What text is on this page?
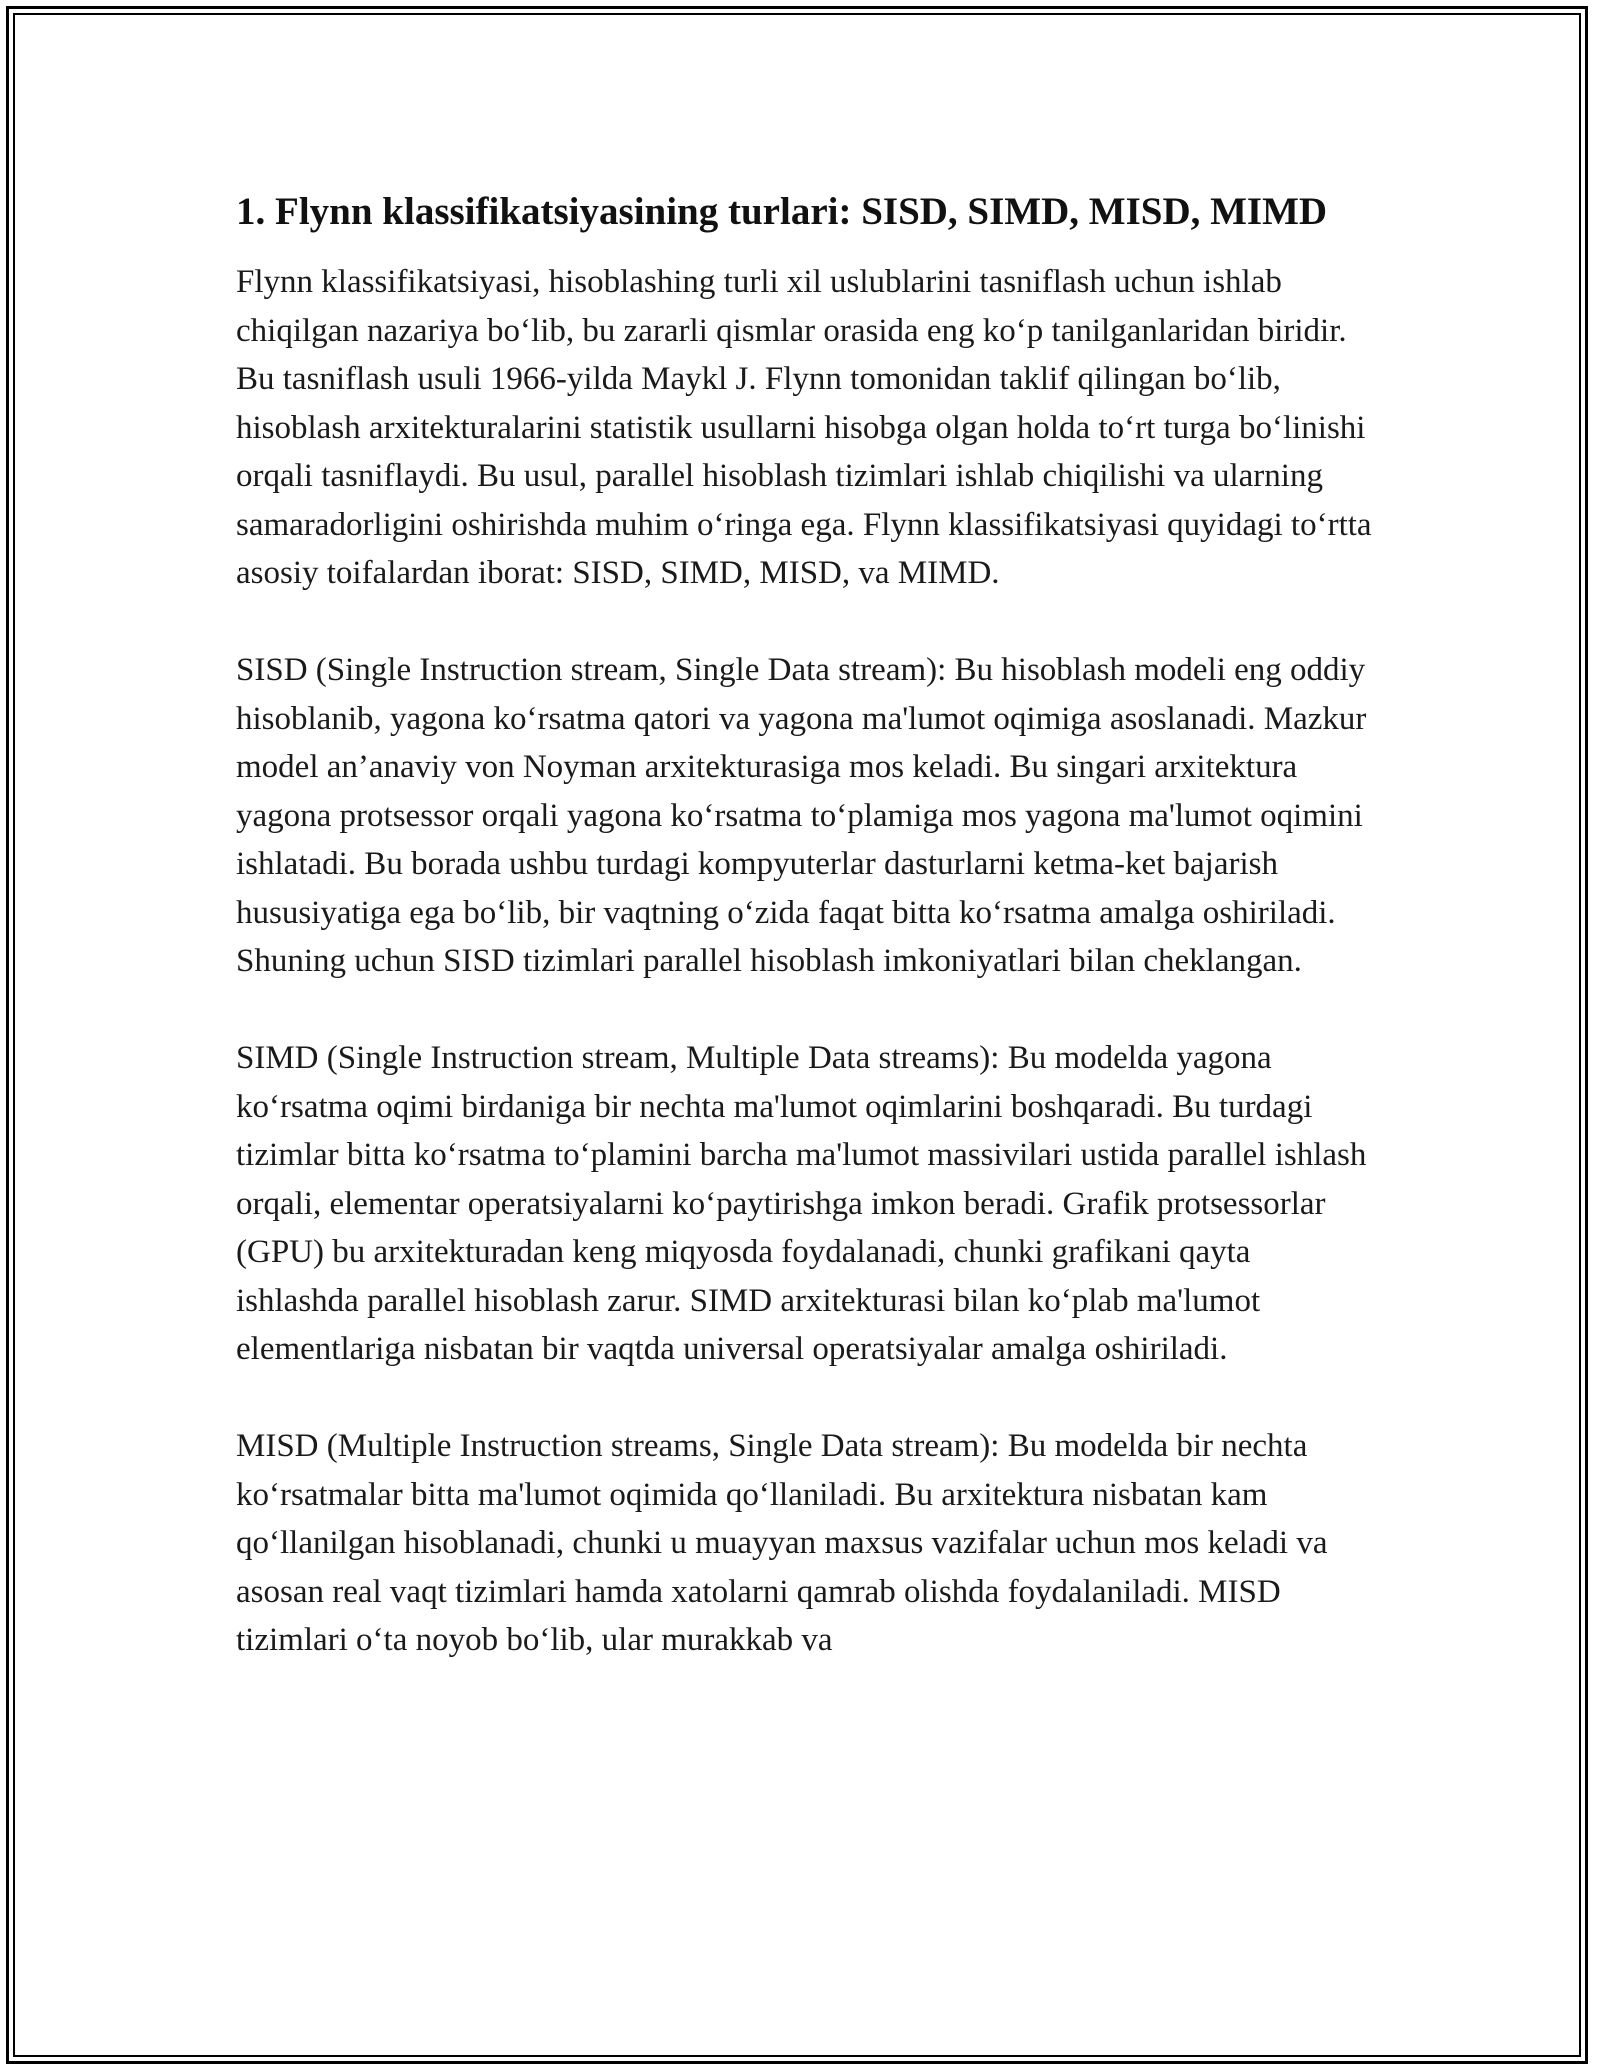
1. Flynn klassifikatsiyasining turlari: SISD, SIMD, MISD, MIMD

Flynn klassifikatsiyasi, hisoblashing turli xil uslublarini tasniflash uchun ishlab chiqilgan nazariya bo‘lib, bu zararli qismlar orasida eng ko‘p tanilganlaridan biridir. Bu tasniflash usuli 1966-yilda Maykl J. Flynn tomonidan taklif qilingan bo‘lib, hisoblash arxitekturalarini statistik usullarni hisobga olgan holda to‘rt turga bo‘linishi orqali tasniflaydi. Bu usul, parallel hisoblash tizimlari ishlab chiqilishi va ularning samaradorligini oshirishda muhim o‘ringa ega. Flynn klassifikatsiyasi quyidagi to‘rtta asosiy toifalardan iborat: SISD, SIMD, MISD, va MIMD.

SISD (Single Instruction stream, Single Data stream): Bu hisoblash modeli eng oddiy hisoblanib, yagona ko‘rsatma qatori va yagona ma'lumot oqimiga asoslanadi. Mazkur model an’anaviy von Noyman arxitekturasiga mos keladi. Bu singari arxitektura yagona protsessor orqali yagona ko‘rsatma to‘plamiga mos yagona ma'lumot oqimini ishlatadi. Bu borada ushbu turdagi kompyuterlar dasturlarni ketma-ket bajarish hususiyatiga ega bo‘lib, bir vaqtning o‘zida faqat bitta ko‘rsatma amalga oshiriladi. Shuning uchun SISD tizimlari parallel hisoblash imkoniyatlari bilan cheklangan.

SIMD (Single Instruction stream, Multiple Data streams): Bu modelda yagona ko‘rsatma oqimi birdaniga bir nechta ma'lumot oqimlarini boshqaradi. Bu turdagi tizimlar bitta ko‘rsatma to‘plamini barcha ma'lumot massivilari ustida parallel ishlash orqali, elementar operatsiyalarni ko‘paytirishga imkon beradi. Grafik protsessorlar (GPU) bu arxitekturadan keng miqyosda foydalanadi, chunki grafikani qayta ishlashda parallel hisoblash zarur. SIMD arxitekturasi bilan ko‘plab ma'lumot elementlariga nisbatan bir vaqtda universal operatsiyalar amalga oshiriladi.

MISD (Multiple Instruction streams, Single Data stream): Bu modelda bir nechta ko‘rsatmalar bitta ma'lumot oqimida qo‘llaniladi. Bu arxitektura nisbatan kam qo‘llanilgan hisoblanadi, chunki u muayyan maxsus vazifalar uchun mos keladi va asosan real vaqt tizimlari hamda xatolarni qamrab olishda foydalaniladi. MISD tizimlari o‘ta noyob bo‘lib, ular murakkab va
